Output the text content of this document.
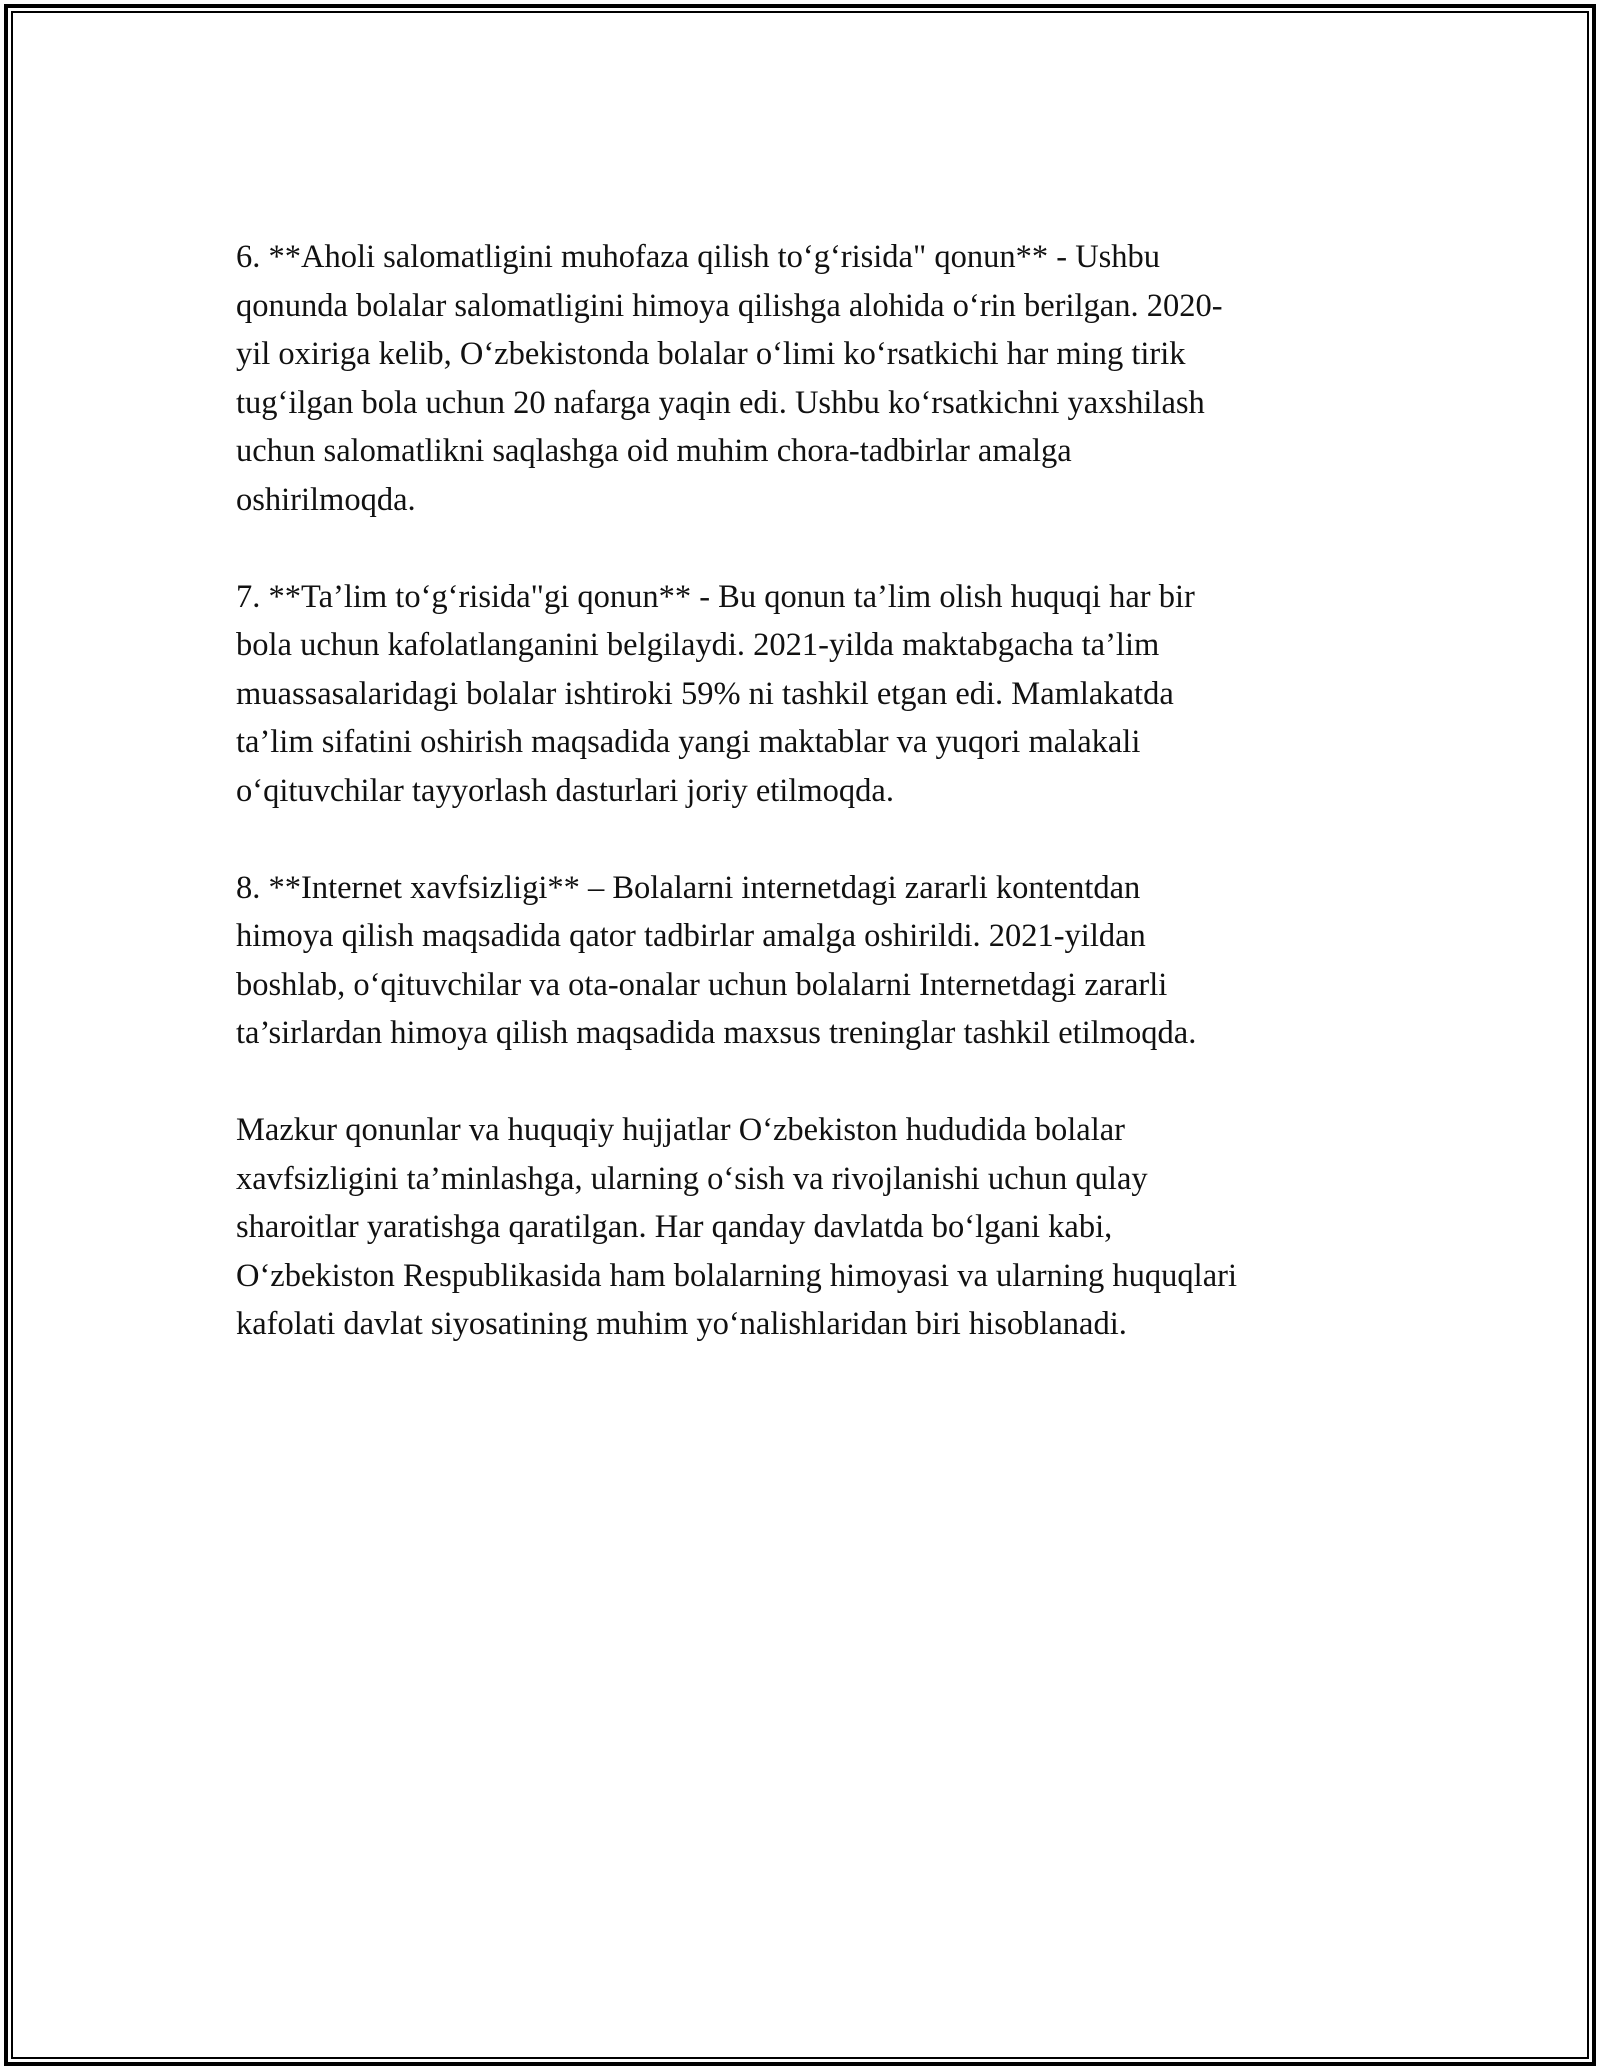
6. **Aholi salomatligini muhofaza qilish to‘g‘risida" qonun** - Ushbu
qonunda bolalar salomatligini himoya qilishga alohida o‘rin berilgan. 2020-
yil oxiriga kelib, O‘zbekistonda bolalar o‘limi ko‘rsatkichi har ming tirik
tug‘ilgan bola uchun 20 nafarga yaqin edi. Ushbu ko‘rsatkichni yaxshilash
uchun salomatlikni saqlashga oid muhim chora-tadbirlar amalga
oshirilmoqda.

7. **Ta’lim to‘g‘risida"gi qonun** - Bu qonun ta’lim olish huquqi har bir
bola uchun kafolatlanganini belgilaydi. 2021-yilda maktabgacha ta’lim
muassasalaridagi bolalar ishtiroki 59% ni tashkil etgan edi. Mamlakatda
ta’lim sifatini oshirish maqsadida yangi maktablar va yuqori malakali
o‘qituvchilar tayyorlash dasturlari joriy etilmoqda.

8. **Internet xavfsizligi** – Bolalarni internetdagi zararli kontentdan
himoya qilish maqsadida qator tadbirlar amalga oshirildi. 2021-yildan
boshlab, o‘qituvchilar va ota-onalar uchun bolalarni Internetdagi zararli
ta’sirlardan himoya qilish maqsadida maxsus treninglar tashkil etilmoqda.

Mazkur qonunlar va huquqiy hujjatlar O‘zbekiston hududida bolalar
xavfsizligini ta’minlashga, ularning o‘sish va rivojlanishi uchun qulay
sharoitlar yaratishga qaratilgan. Har qanday davlatda bo‘lgani kabi,
O‘zbekiston Respublikasida ham bolalarning himoyasi va ularning huquqlari
kafolati davlat siyosatining muhim yo‘nalishlaridan biri hisoblanadi.
